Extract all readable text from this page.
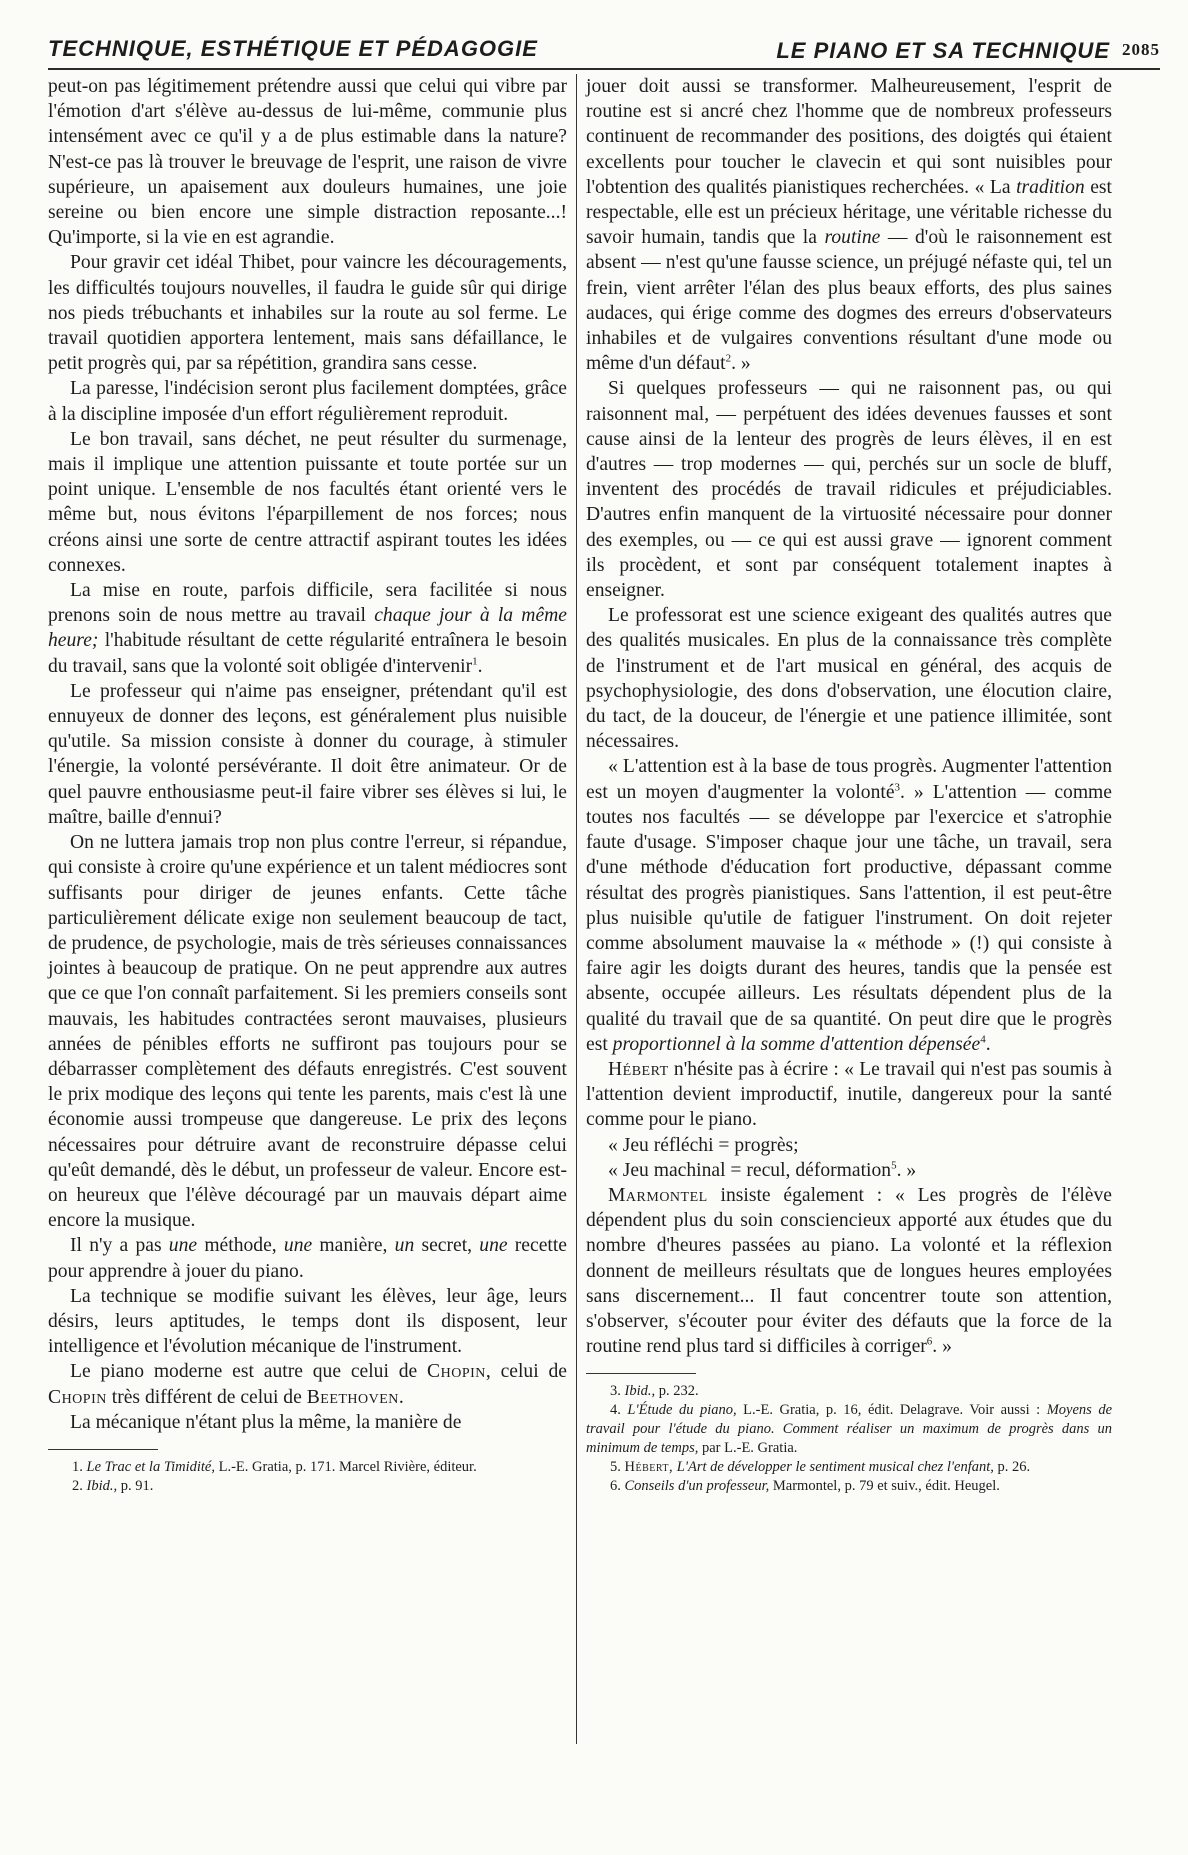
TECHNIQUE, ESTHÉTIQUE ET PÉDAGOGIE	LE PIANO ET SA TECHNIQUE 2085

peut-on pas légitimement prétendre aussi que celui qui vibre par l'émotion d'art s'élève au-dessus de lui-même, communie plus intensément avec ce qu'il y a de plus estimable dans la nature? N'est-ce pas là trouver le breuvage de l'esprit, une raison de vivre supérieure, un apaisement aux douleurs humaines, une joie sereine ou bien encore une simple distraction reposante...! Qu'importe, si la vie en est agrandie.

Pour gravir cet idéal Thibet, pour vaincre les découragements, les difficultés toujours nouvelles, il faudra le guide sûr qui dirige nos pieds trébuchants et inhabiles sur la route au sol ferme. Le travail quotidien apportera lentement, mais sans défaillance, le petit progrès qui, par sa répétition, grandira sans cesse.

La paresse, l'indécision seront plus facilement domptées, grâce à la discipline imposée d'un effort régulièrement reproduit.

Le bon travail, sans déchet, ne peut résulter du surmenage, mais il implique une attention puissante et toute portée sur un point unique. L'ensemble de nos facultés étant orienté vers le même but, nous évitons l'éparpillement de nos forces; nous créons ainsi une sorte de centre attractif aspirant toutes les idées connexes.

La mise en route, parfois difficile, sera facilitée si nous prenons soin de nous mettre au travail chaque jour à la même heure; l'habitude résultant de cette régularité entraînera le besoin du travail, sans que la volonté soit obligée d'intervenir$^1$.

Le professeur qui n'aime pas enseigner, prétendant qu'il est ennuyeux de donner des leçons, est généralement plus nuisible qu'utile. Sa mission consiste à donner du courage, à stimuler l'énergie, la volonté persévérante. Il doit être animateur. Or de quel pauvre enthousiasme peut-il faire vibrer ses élèves si lui, le maître, baille d'ennui?

On ne luttera jamais trop non plus contre l'erreur, si répandue, qui consiste à croire qu'une expérience et un talent médiocres sont suffisants pour diriger de jeunes enfants. Cette tâche particulièrement délicate exige non seulement beaucoup de tact, de prudence, de psychologie, mais de très sérieuses connaissances jointes à beaucoup de pratique. On ne peut apprendre aux autres que ce que l'on connaît parfaitement. Si les premiers conseils sont mauvais, les habitudes contractées seront mauvaises, plusieurs années de pénibles efforts ne suffiront pas toujours pour se débarrasser complètement des défauts enregistrés. C'est souvent le prix modique des leçons qui tente les parents, mais c'est là une économie aussi trompeuse que dangereuse. Le prix des leçons nécessaires pour détruire avant de reconstruire dépasse celui qu'eût demandé, dès le début, un professeur de valeur. Encore est-on heureux que l'élève découragé par un mauvais départ aime encore la musique.

Il n'y a pas une méthode, une manière, un secret, une recette pour apprendre à jouer du piano.

La technique se modifie suivant les élèves, leur âge, leurs désirs, leurs aptitudes, le temps dont ils disposent, leur intelligence et l'évolution mécanique de l'instrument.

Le piano moderne est autre que celui de Chopin, celui de Chopin très différent de celui de Beethoven.

La mécanique n'étant plus la même, la manière de

1. Le Trac et la Timidité, L.-E. Gratia, p. 171. Marcel Rivière, éditeur.

2. Ibid., p. 91.

jouer doit aussi se transformer. Malheureusement, l'esprit de routine est si ancré chez l'homme que de nombreux professeurs continuent de recommander des positions, des doigtés qui étaient excellents pour toucher le clavecin et qui sont nuisibles pour l'obtention des qualités pianistiques recherchées. « La tradition est respectable, elle est un précieux héritage, une véritable richesse du savoir humain, tandis que la routine — d'où le raisonnement est absent — n'est qu'une fausse science, un préjugé néfaste qui, tel un frein, vient arrêter l'élan des plus beaux efforts, des plus saines audaces, qui érige comme des dogmes des erreurs d'observateurs inhabiles et de vulgaires conventions résultant d'une mode ou même d'un défaut$^2$. »

Si quelques professeurs — qui ne raisonnent pas, ou qui raisonnent mal, — perpétuent des idées devenues fausses et sont cause ainsi de la lenteur des progrès de leurs élèves, il en est d'autres — trop modernes — qui, perchés sur un socle de bluff, inventent des procédés de travail ridicules et préjudiciables. D'autres enfin manquent de la virtuosité nécessaire pour donner des exemples, ou — ce qui est aussi grave — ignorent comment ils procèdent, et sont par conséquent totalement inaptes à enseigner.

Le professorat est une science exigeant des qualités autres que des qualités musicales. En plus de la connaissance très complète de l'instrument et de l'art musical en général, des acquis de psychophysiologie, des dons d'observation, une élocution claire, du tact, de la douceur, de l'énergie et une patience illimitée, sont nécessaires.

« L'attention est à la base de tous progrès. Augmenter l'attention est un moyen d'augmenter la volonté$^3$. » L'attention — comme toutes nos facultés — se développe par l'exercice et s'atrophie faute d'usage. S'imposer chaque jour une tâche, un travail, sera d'une méthode d'éducation fort productive, dépassant comme résultat des progrès pianistiques. Sans l'attention, il est peut-être plus nuisible qu'utile de fatiguer l'instrument. On doit rejeter comme absolument mauvaise la « méthode » (!) qui consiste à faire agir les doigts durant des heures, tandis que la pensée est absente, occupée ailleurs. Les résultats dépendent plus de la qualité du travail que de sa quantité. On peut dire que le progrès est proportionnel à la somme d'attention dépensée$^4$.

Hébert n'hésite pas à écrire : « Le travail qui n'est pas soumis à l'attention devient improductif, inutile, dangereux pour la santé comme pour le piano.

« Jeu réfléchi = progrès;

« Jeu machinal = recul, déformation$^5$. »

Marmontel insiste également : « Les progrès de l'élève dépendent plus du soin consciencieux apporté aux études que du nombre d'heures passées au piano. La volonté et la réflexion donnent de meilleurs résultats que de longues heures employées sans discernement... Il faut concentrer toute son attention, s'observer, s'écouter pour éviter des défauts que la force de la routine rend plus tard si difficiles à corriger$^6$. »

3. Ibid., p. 232.

4. L'Étude du piano, L.-E. Gratia, p. 16, édit. Delagrave. Voir aussi : Moyens de travail pour l'étude du piano. Comment réaliser un maximum de progrès dans un minimum de temps, par L.-E. Gratia.

5. Hébert, L'Art de développer le sentiment musical chez l'enfant, p. 26.

6. Conseils d'un professeur, Marmontel, p. 79 et suiv., édit. Heugel.
